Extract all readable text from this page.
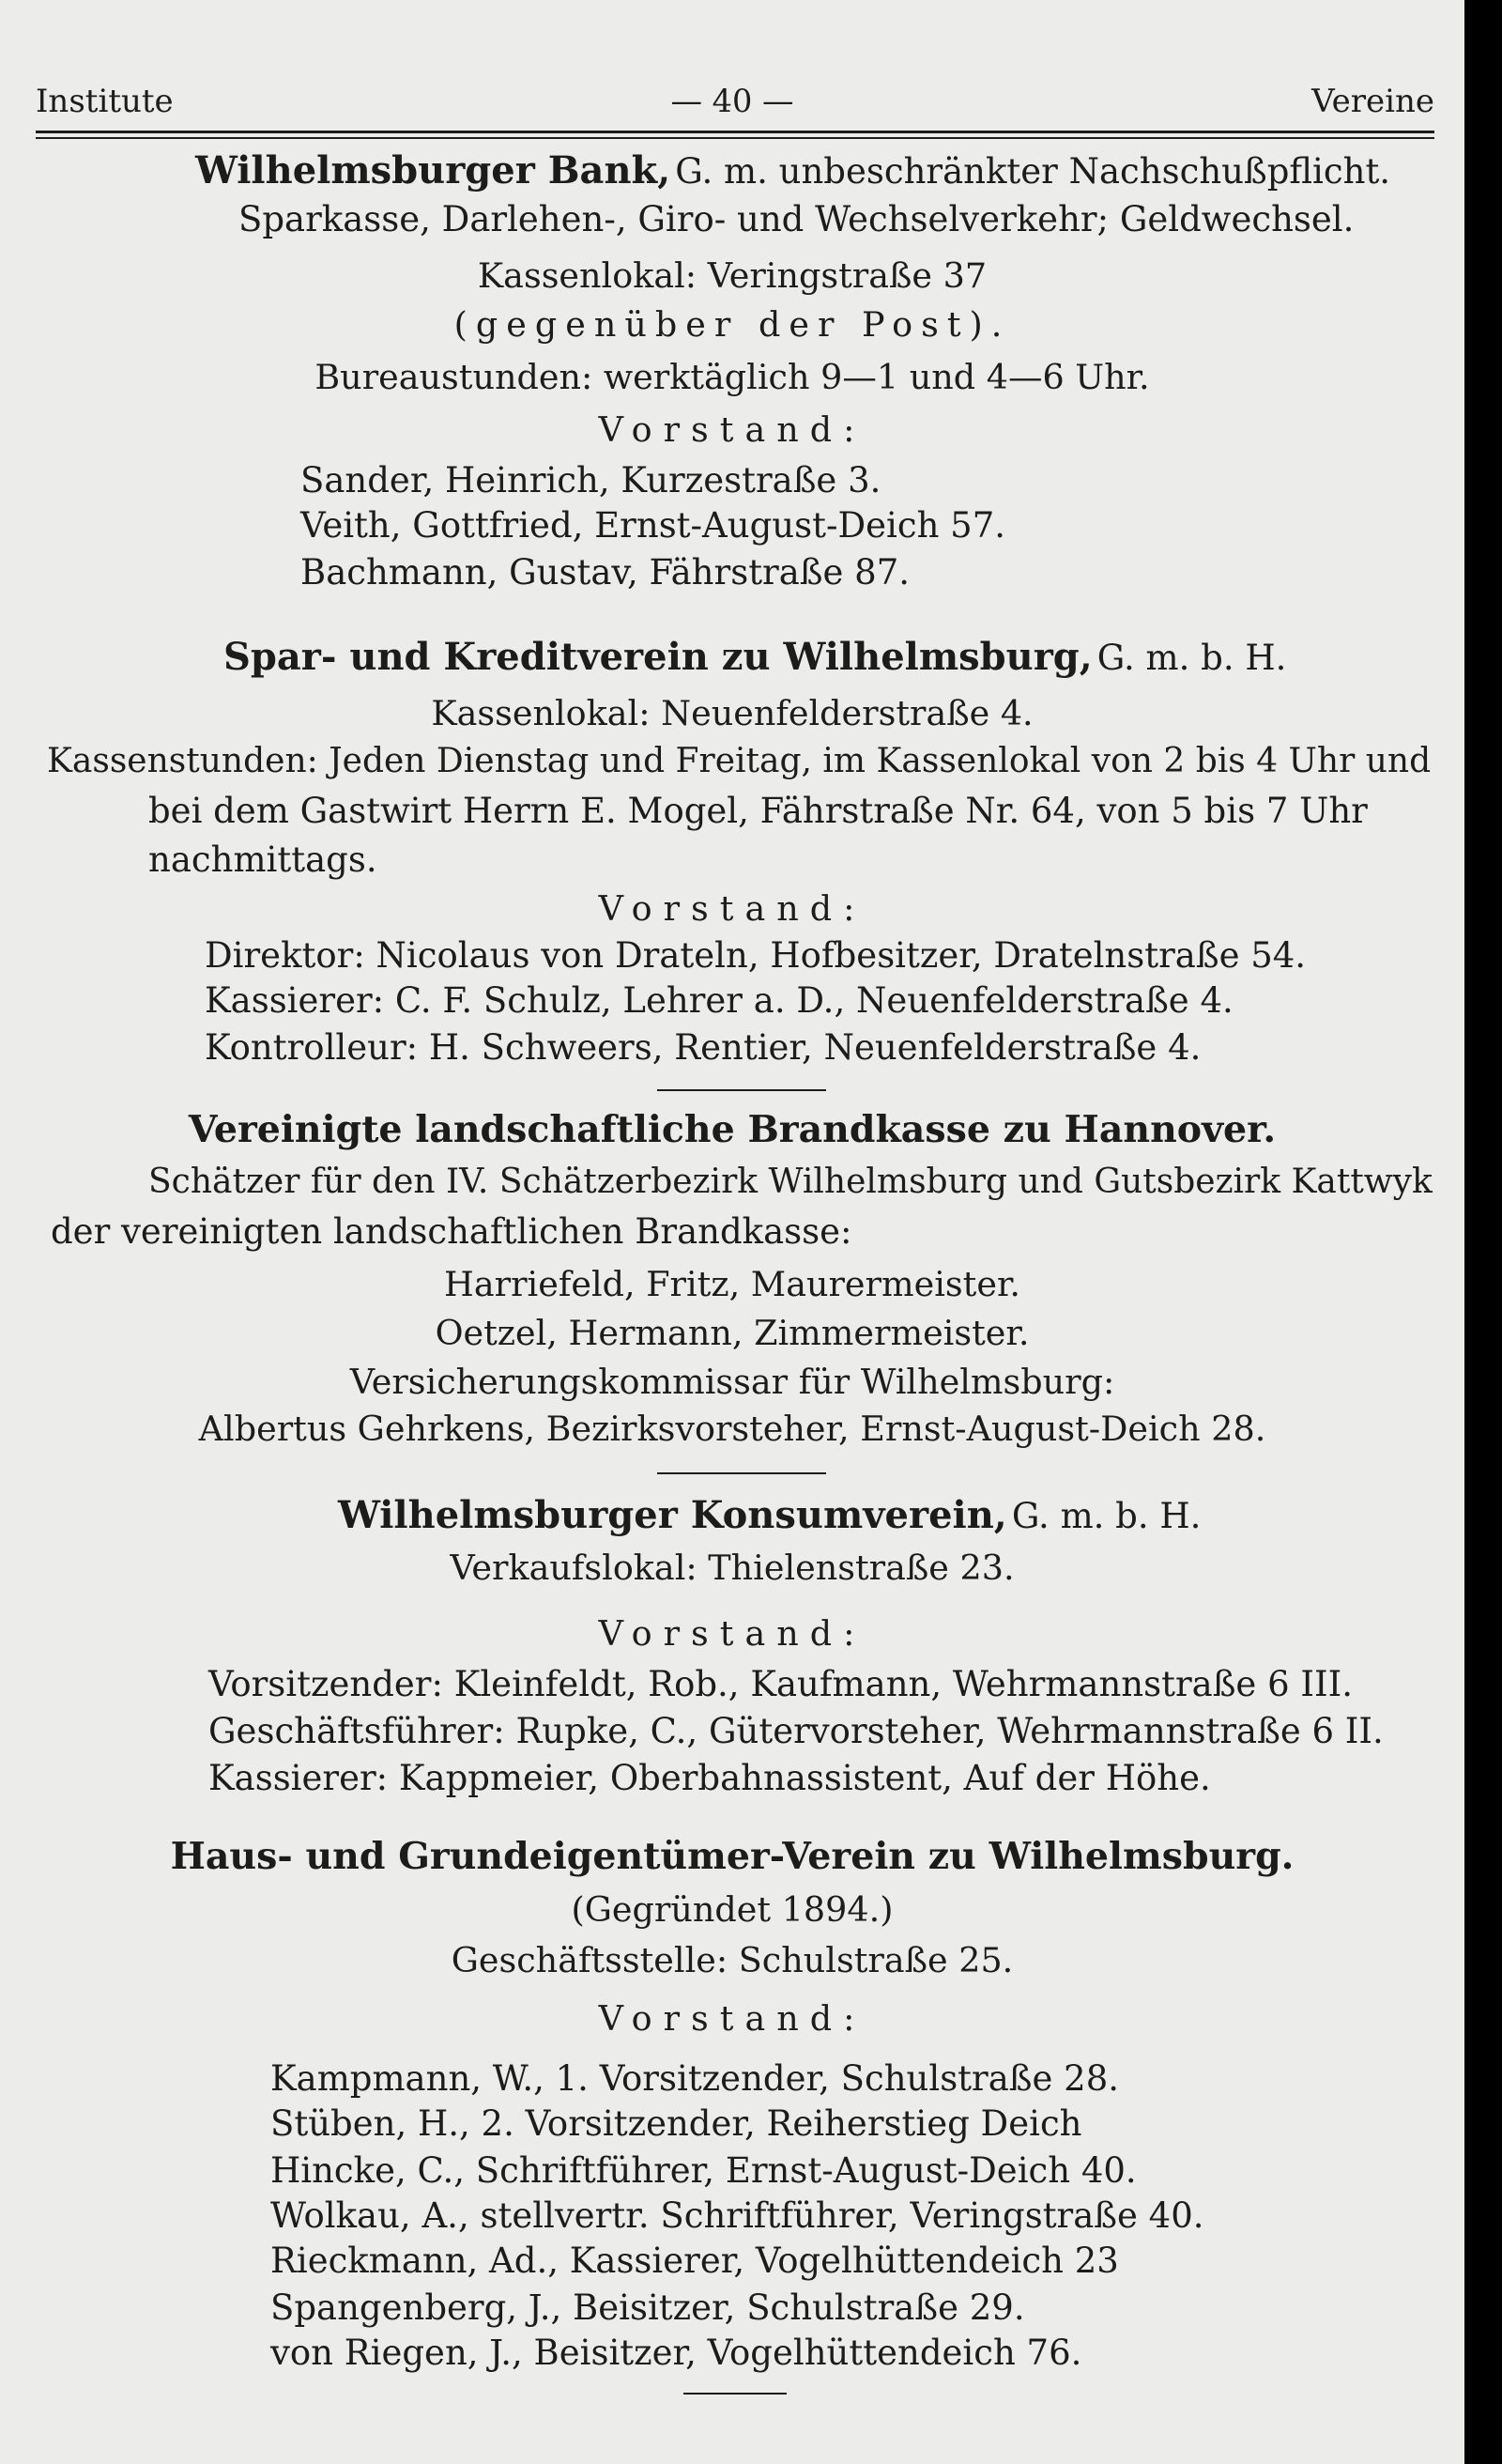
Institute	— 40 —	Vereine
Wilhelmsburger Bank, G. m. unbeschränkter Nachschußpflicht.
Sparkasse, Darlehen-, Giro- und Wechselverkehr; Geldwechsel.
Kassenlokal: Veringstraße 37
(gegenüber der Post).
Bureaustunden: werktäglich 9—1 und 4—6 Uhr.
Vorstand:
Sander, Heinrich, Kurzestraße 3.
Veith, Gottfried, Ernst-August-Deich 57.
Bachmann, Gustav, Fährstraße 87.
Spar- und Kreditverein zu Wilhelmsburg, G. m. b. H.
Kassenlokal: Neuenfelderstraße 4.
Kassenstunden: Jeden Dienstag und Freitag, im Kassenlokal von 2 bis 4 Uhr und
bei dem Gastwirt Herrn E. Mogel, Fährstraße Nr. 64, von 5 bis 7 Uhr
nachmittags.
Vorstand:
Direktor: Nicolaus von Drateln, Hofbesitzer, Dratelnstraße 54.
Kassierer: C. F. Schulz, Lehrer a. D., Neuenfelderstraße 4.
Kontrolleur: H. Schweers, Rentier, Neuenfelderstraße 4.
Vereinigte landschaftliche Brandkasse zu Hannover.
Schätzer für den IV. Schätzerbezirk Wilhelmsburg und Gutsbezirk Kattwyk
der vereinigten landschaftlichen Brandkasse:
Harriefeld, Fritz, Maurermeister.
Oetzel, Hermann, Zimmermeister.
Versicherungskommissar für Wilhelmsburg:
Albertus Gehrkens, Bezirksvorsteher, Ernst-August-Deich 28.
Wilhelmsburger Konsumverein, G. m. b. H.
Verkaufslokal: Thielenstraße 23.
Vorstand:
Vorsitzender: Kleinfeldt, Rob., Kaufmann, Wehrmannstraße 6 III.
Geschäftsführer: Rupke, C., Gütervorsteher, Wehrmannstraße 6 II.
Kassierer: Kappmeier, Oberbahnassistent, Auf der Höhe.
Haus- und Grundeigentümer-Verein zu Wilhelmsburg.
(Gegründet 1894.)
Geschäftsstelle: Schulstraße 25.
Vorstand:
Kampmann, W., 1. Vorsitzender, Schulstraße 28.
Stüben, H., 2. Vorsitzender, Reiherstieg Deich
Hincke, C., Schriftführer, Ernst-August-Deich 40.
Wolkau, A., stellvertr. Schriftführer, Veringstraße 40.
Rieckmann, Ad., Kassierer, Vogelhüttendeich 23
Spangenberg, J., Beisitzer, Schulstraße 29.
von Riegen, J., Beisitzer, Vogelhüttendeich 76.
